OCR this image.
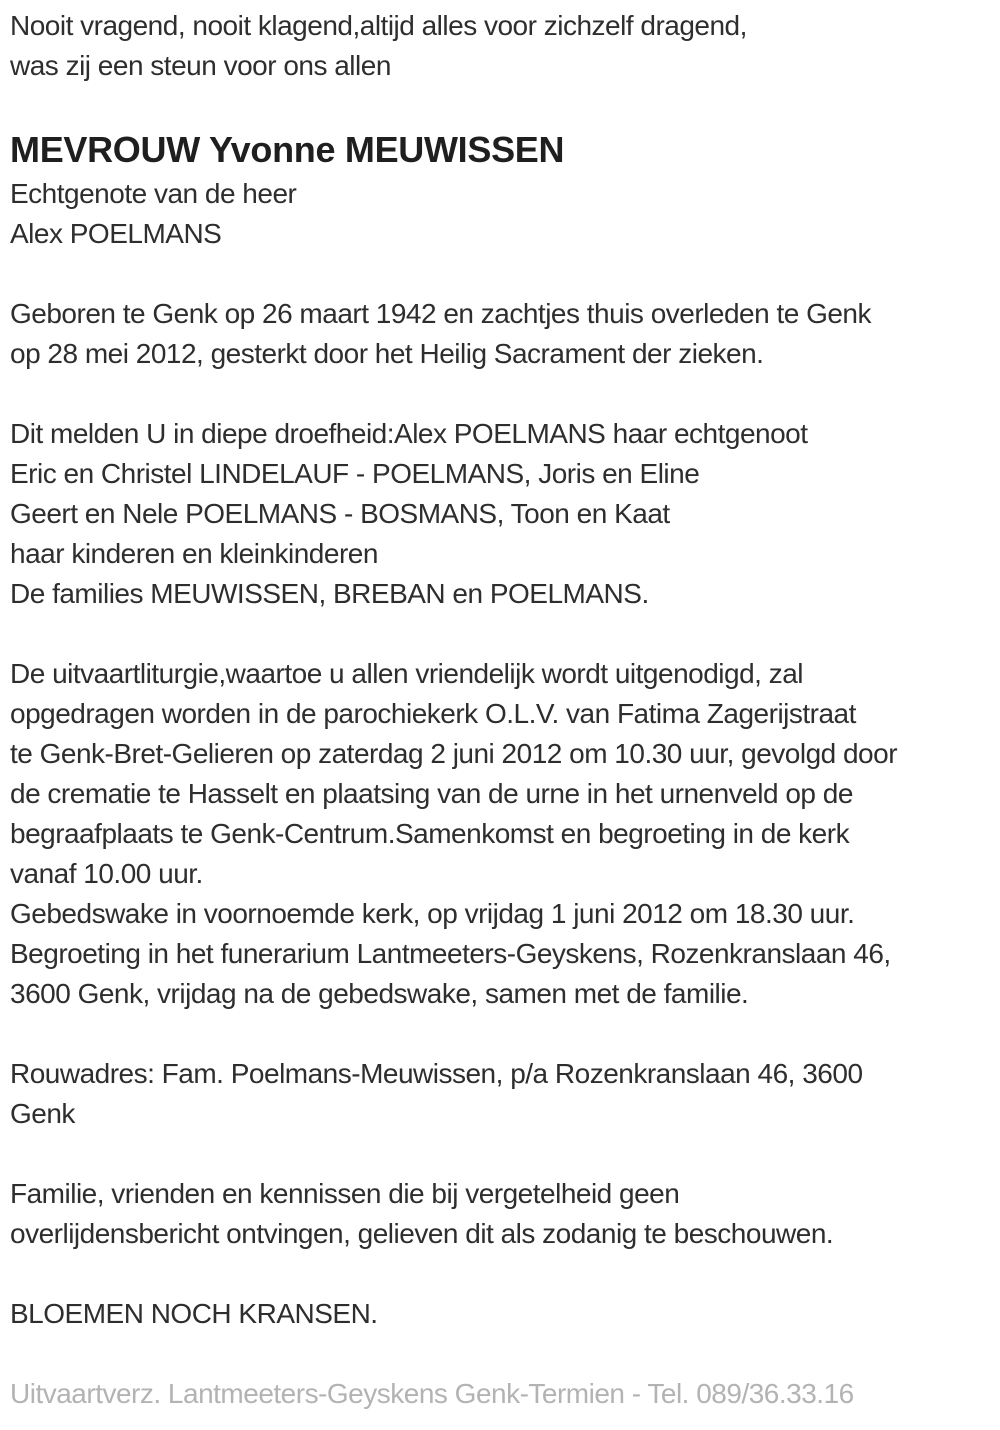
Nooit vragend, nooit klagend,altijd alles voor zichzelf dragend,
was zij een steun voor ons allen
MEVROUW Yvonne MEUWISSEN
Echtgenote van de heer
Alex POELMANS
Geboren te Genk op 26 maart 1942 en zachtjes thuis overleden te Genk
op 28 mei 2012, gesterkt door het Heilig Sacrament der zieken.
Dit melden U in diepe droefheid:Alex POELMANS haar echtgenoot
Eric en Christel LINDELAUF - POELMANS, Joris en Eline
Geert en Nele POELMANS - BOSMANS, Toon en Kaat
haar kinderen en kleinkinderen
De families MEUWISSEN, BREBAN en POELMANS.
De uitvaartliturgie,waartoe u allen vriendelijk wordt uitgenodigd, zal
opgedragen worden in de parochiekerk O.L.V. van Fatima Zagerijstraat
te Genk-Bret-Gelieren op zaterdag 2 juni 2012 om 10.30 uur, gevolgd door
de crematie te Hasselt en plaatsing van de urne in het urnenveld op de
begraafplaats te Genk-Centrum.Samenkomst en begroeting in de kerk
vanaf 10.00 uur.
Gebedswake in voornoemde kerk, op vrijdag 1 juni 2012 om 18.30 uur.
Begroeting in het funerarium Lantmeeters-Geyskens, Rozenkranslaan 46,
3600 Genk, vrijdag na de gebedswake, samen met de familie.
Rouwadres: Fam. Poelmans-Meuwissen, p/a Rozenkranslaan 46, 3600
Genk
Familie, vrienden en kennissen die bij vergetelheid geen
overlijdensbericht ontvingen, gelieven dit als zodanig te beschouwen.
BLOEMEN NOCH KRANSEN.
Uitvaartverz. Lantmeeters-Geyskens Genk-Termien - Tel. 089/36.33.16
